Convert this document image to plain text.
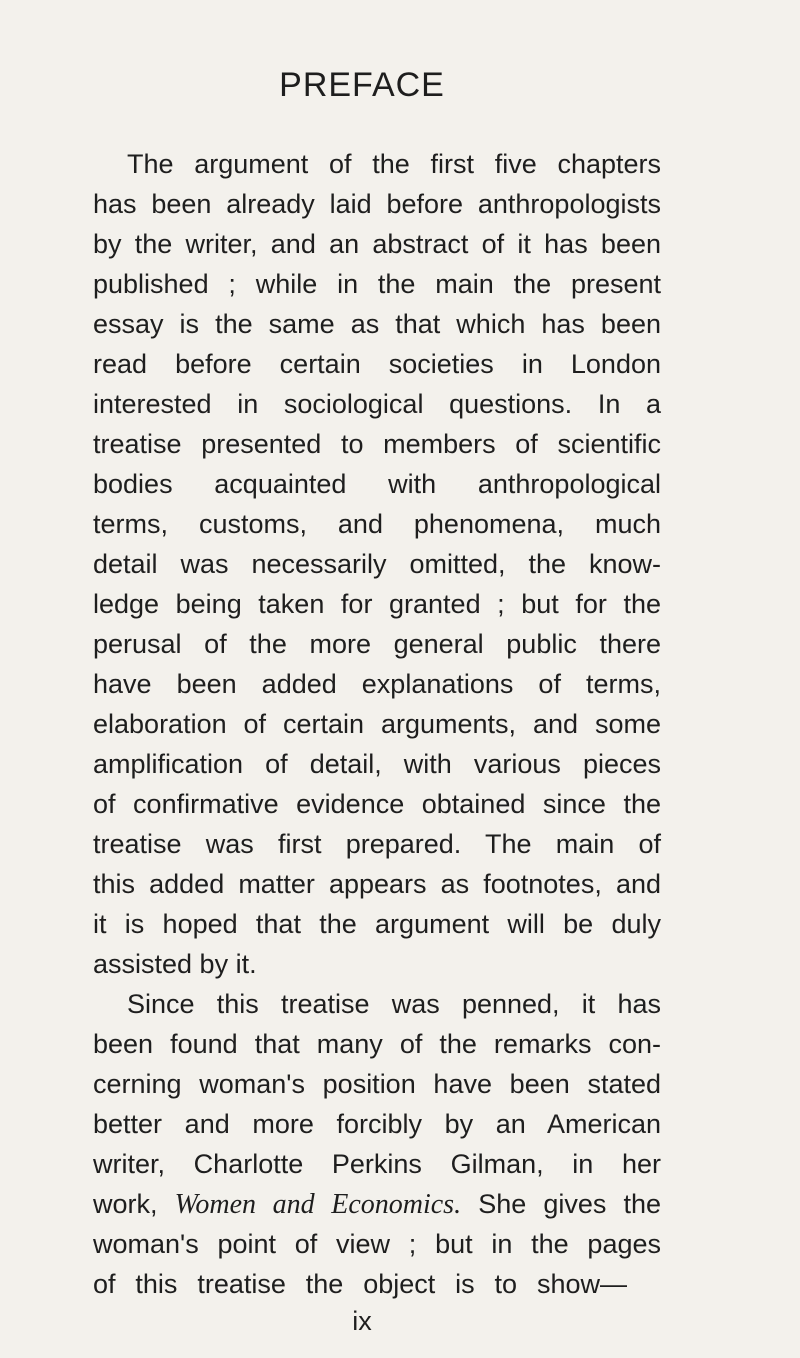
PREFACE

The argument of the first five chapters

has been already laid before anthropologists

by the writer, and an abstract of it has been

published ; while in the main the present

essay is the same as that which has been

read before certain societies in London

interested in sociological questions. In a

treatise presented to members of scientific

bodies acquainted with anthropological

terms, customs, and phenomena, much

detail was necessarily omitted, the know-

ledge being taken for granted ; but for the

perusal of the more general public there

have been added explanations of terms,

elaboration of certain arguments, and some

amplification of detail, with various pieces

of confirmative evidence obtained since the

treatise was first prepared. The main of

this added matter appears as footnotes, and

it is hoped that the argument will be duly

assisted by it.

Since this treatise was penned, it has

been found that many of the remarks con-

cerning woman's position have been stated

better and more forcibly by an American

writer, Charlotte Perkins Gilman, in her

work, Women and Economics. She gives the

woman's point of view ; but in the pages

of this treatise the object is to show—

ix
